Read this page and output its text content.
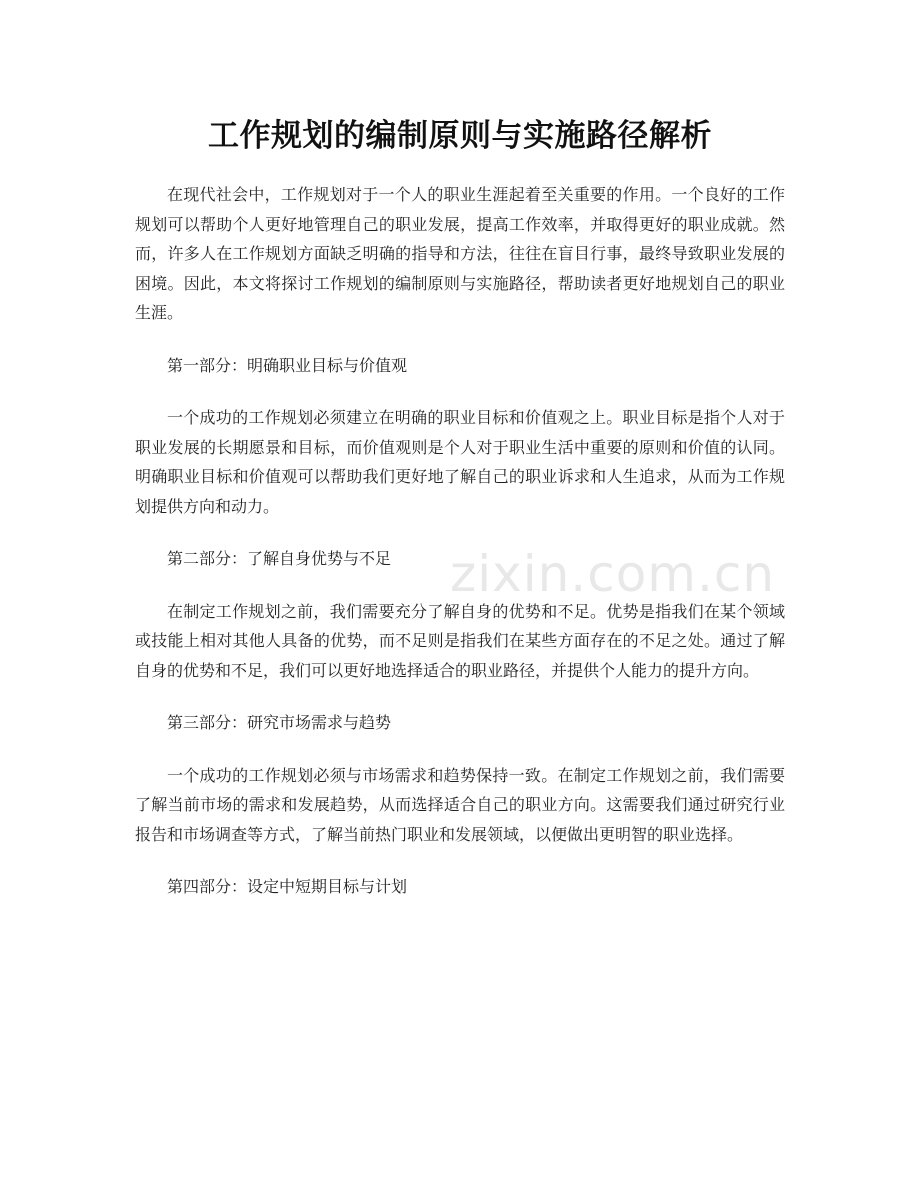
工作规划的编制原则与实施路径解析

在现代社会中，工作规划对于一个人的职业生涯起着至关重要的作用。一个良好的工作规划可以帮助个人更好地管理自己的职业发展，提高工作效率，并取得更好的职业成就。然而，许多人在工作规划方面缺乏明确的指导和方法，往往在盲目行事，最终导致职业发展的困境。因此，本文将探讨工作规划的编制原则与实施路径，帮助读者更好地规划自己的职业生涯。

第一部分：明确职业目标与价值观

一个成功的工作规划必须建立在明确的职业目标和价值观之上。职业目标是指个人对于职业发展的长期愿景和目标，而价值观则是个人对于职业生活中重要的原则和价值的认同。明确职业目标和价值观可以帮助我们更好地了解自己的职业诉求和人生追求，从而为工作规划提供方向和动力。

第二部分：了解自身优势与不足

在制定工作规划之前，我们需要充分了解自身的优势和不足。优势是指我们在某个领域或技能上相对其他人具备的优势，而不足则是指我们在某些方面存在的不足之处。通过了解自身的优势和不足，我们可以更好地选择适合的职业路径，并提供个人能力的提升方向。

第三部分：研究市场需求与趋势

一个成功的工作规划必须与市场需求和趋势保持一致。在制定工作规划之前，我们需要了解当前市场的需求和发展趋势，从而选择适合自己的职业方向。这需要我们通过研究行业报告和市场调查等方式，了解当前热门职业和发展领域，以便做出更明智的职业选择。

第四部分：设定中短期目标与计划

zixin.com.cn
